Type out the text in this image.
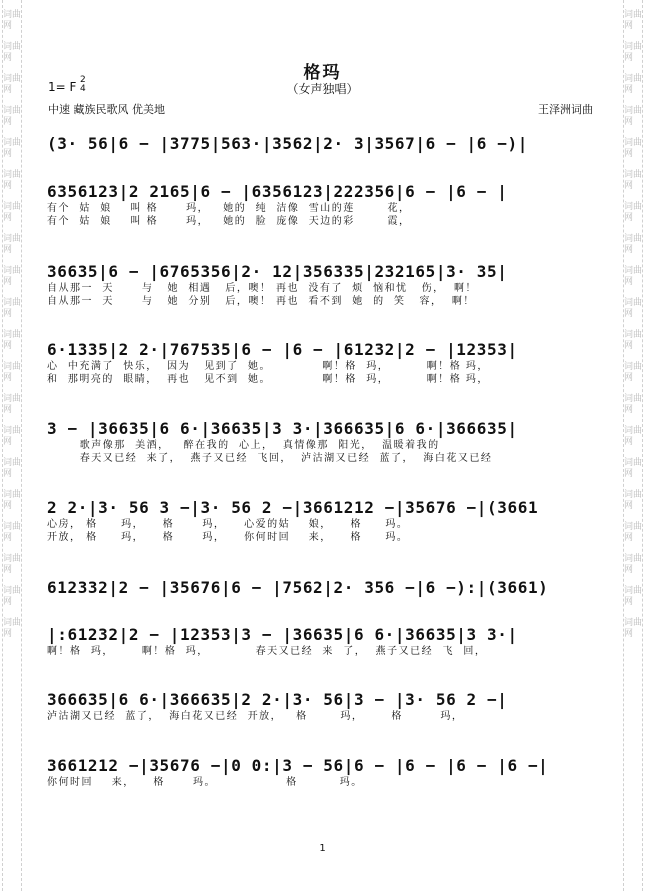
词曲网
词曲网
词曲网
词曲网
词曲网
词曲网
词曲网
词曲网
词曲网
词曲网
词曲网
词曲网
词曲网
词曲网
词曲网
词曲网
词曲网
词曲网
词曲网
词曲网
词曲网
词曲网
词曲网
词曲网
词曲网
词曲网
词曲网
词曲网
词曲网
词曲网
词曲网
词曲网
词曲网
词曲网
词曲网
词曲网
词曲网
词曲网
词曲网
词曲网
格玛
（女声独唱）
1= F 2
4
中速 藏族民歌风 优美地	王泽洲词曲
(3· 56|6 − |3775|563·|3562|2· 3|3567|6 − |6 −)|
6356123|2 2165|6 − |6356123|222356|6 − |6 − |
有个  姑  娘    叫 格      玛，   她的  纯  洁像  雪山的莲       花，
有个  姑  娘    叫 格      玛，   她的  脸  庞像  天边的彩       霞，
36635|6 − |6765356|2· 12|356335|232165|3· 35|
自从那一  天      与   她  相遇   后，噢！ 再也  没有了  烦  恼和忧   伤，  啊！
自从那一  天      与   她  分别   后，噢！ 再也  看不到  她  的  笑   容，  啊！
6·1335|2 2·|767535|6 − |6 − |61232|2 − |12353|
心  中充满了  快乐，  因为   见到了  她。           啊！格  玛，        啊！格 玛，
和  那明亮的  眼睛，  再也   见不到  她。           啊！格  玛，        啊！格 玛，
3 − |36635|6 6·|36635|3 3·|366635|6 6·|366635|
歌声像那  美酒，   醉在我的  心上，  真情像那  阳光，  温暖着我的
春天又已经  来了，  燕子又已经  飞回，  泸沽湖又已经  蓝了，  海白花又已经
2 2·|3· 56 3 −|3· 56 2 −|3661212 −|35676 −|(3661
心房， 格     玛，    格      玛，    心爱的姑    娘，    格     玛。
开放， 格     玛，    格      玛，    你何时回    来，    格     玛。
612332|2 − |35676|6 − |7562|2· 356 −|6 −):|(3661)
|:61232|2 − |12353|3 − |36635|6 6·|36635|3 3·|
啊！格  玛，      啊！格  玛，          春天又已经  来  了，  燕子又已经  飞  回，
366635|6 6·|366635|2 2·|3· 56|3 − |3· 56 2 −|
泸沽湖又已经  蓝了，  海白花又已经  开放，   格       玛，      格        玛，
3661212 −|35676 −|0 0:|3 − 56|6 − |6 − |6 − |6 −|
你何时回    来，    格      玛。               格         玛。
1
